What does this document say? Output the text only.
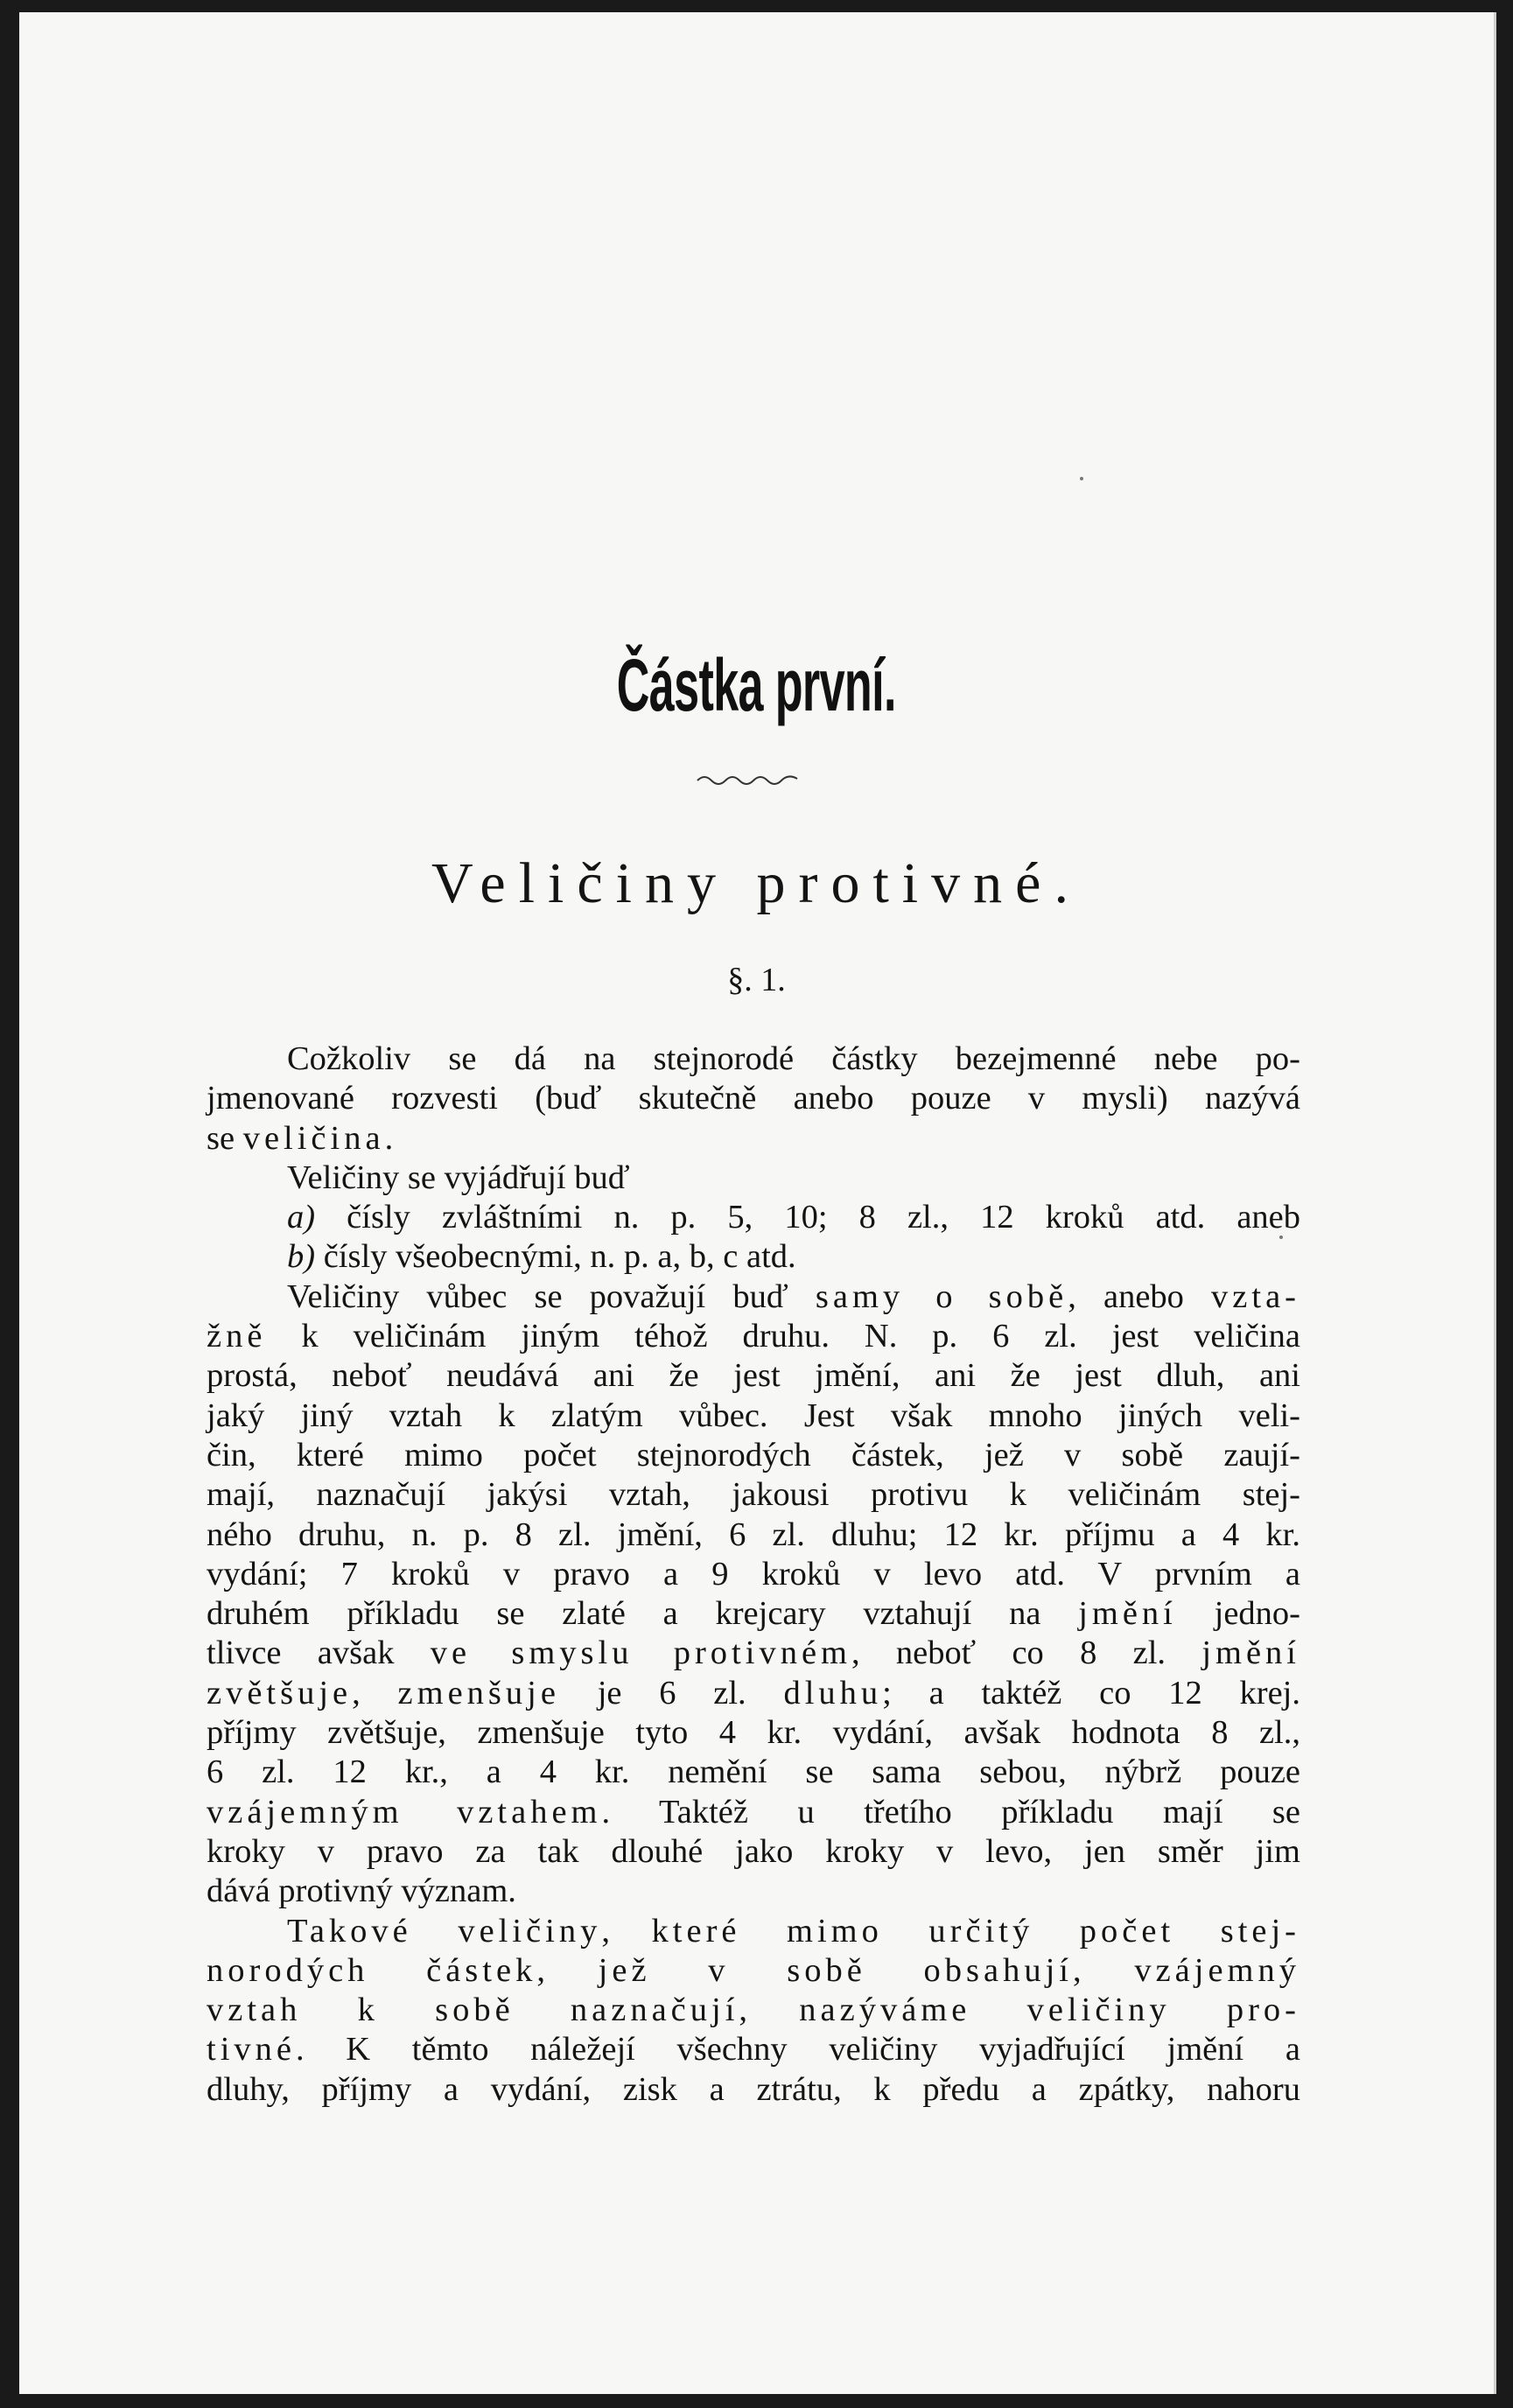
Částka první.
Veličiny protivné.
§. 1.
Cožkoliv se dá na stejnorodé částky bezejmenné nebe po-
jmenované rozvesti (buď skutečně anebo pouze v mysli) nazývá
se veličina.
Veličiny se vyjádřují buď
a) čísly zvláštními n. p. 5, 10; 8 zl., 12 kroků atd. aneb
b) čísly všeobecnými, n. p. a, b, c atd.
Veličiny vůbec se považují buď samy o sobě, anebo vzta-
žně k veličinám jiným téhož druhu. N. p. 6 zl. jest veličina
prostá, neboť neudává ani že jest jmění, ani že jest dluh, ani
jaký jiný vztah k zlatým vůbec. Jest však mnoho jiných veli-
čin, které mimo počet stejnorodých částek, jež v sobě zaují-
mají, naznačují jakýsi vztah, jakousi protivu k veličinám stej-
ného druhu, n. p. 8 zl. jmění, 6 zl. dluhu; 12 kr. příjmu a 4 kr.
vydání; 7 kroků v pravo a 9 kroků v levo atd. V prvním a
druhém příkladu se zlaté a krejcary vztahují na jmění jedno-
tlivce avšak ve smyslu protivném, neboť co 8 zl. jmění
zvětšuje, zmenšuje je 6 zl. dluhu; a taktéž co 12 krej.
příjmy zvětšuje, zmenšuje tyto 4 kr. vydání, avšak hodnota 8 zl.,
6 zl. 12 kr., a 4 kr. nemění se sama sebou, nýbrž pouze
vzájemným vztahem. Taktéž u třetího příkladu mají se
kroky v pravo za tak dlouhé jako kroky v levo, jen směr jim
dává protivný význam.
Takové veličiny, které mimo určitý počet stej-
norodých částek, jež v sobě obsahují, vzájemný
vztah k sobě naznačují, nazýváme veličiny pro-
tivné. K těmto náležejí všechny veličiny vyjadřující jmění a
dluhy, příjmy a vydání, zisk a ztrátu, k předu a zpátky, nahoru
